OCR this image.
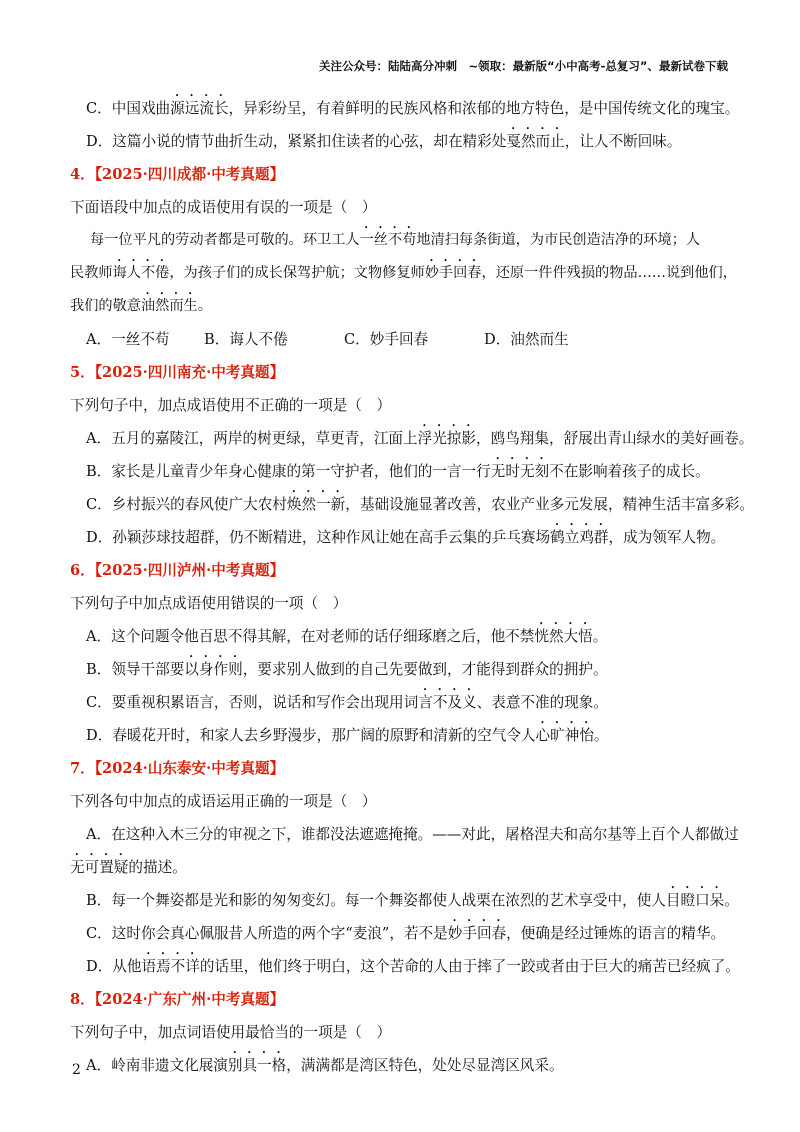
关注公众号：陆陆高分冲刺　~领取：最新版“小中高考-总复习”、最新试卷下载
C．中国戏曲源远流长，异彩纷呈，有着鲜明的民族风格和浓郁的地方特色，是中国传统文化的瑰宝。
D．这篇小说的情节曲折生动，紧紧扣住读者的心弦，却在精彩处戛然而止，让人不断回味。
4．【2025·四川成都·中考真题】
下面语段中加点的成语使用有误的一项是（　）
每一位平凡的劳动者都是可敬的。环卫工人一丝不苟地清扫每条街道，为市民创造洁净的环境；人
民教师诲人不倦，为孩子们的成长保驾护航；文物修复师妙手回春，还原一件件残损的物品……说到他们，
我们的敬意油然而生。
A．一丝不苟 B．诲人不倦	C．妙手回春	D．油然而生
5．【2025·四川南充·中考真题】
下列句子中，加点成语使用不正确的一项是（　）
A．五月的嘉陵江，两岸的树更绿，草更青，江面上浮光掠影，鸥鸟翔集，舒展出青山绿水的美好画卷。
B．家长是儿童青少年身心健康的第一守护者，他们的一言一行无时无刻不在影响着孩子的成长。
C．乡村振兴的春风使广大农村焕然一新，基础设施显著改善，农业产业多元发展，精神生活丰富多彩。
D．孙颖莎球技超群，仍不断精进，这种作风让她在高手云集的乒乓赛场鹤立鸡群，成为领军人物。
6．【2025·四川泸州·中考真题】
下列句子中加点成语使用错误的一项（　）
A．这个问题令他百思不得其解，在对老师的话仔细琢磨之后，他不禁恍然大悟。
B．领导干部要以身作则，要求别人做到的自己先要做到，才能得到群众的拥护。
C．要重视积累语言，否则，说话和写作会出现用词言不及义、表意不准的现象。
D．春暖花开时，和家人去乡野漫步，那广阔的原野和清新的空气令人心旷神怡。
7．【2024·山东泰安·中考真题】
下列各句中加点的成语运用正确的一项是（　）
A．在这种入木三分的审视之下，谁都没法遮遮掩掩。——对此，屠格涅夫和高尔基等上百个人都做过
无可置疑的描述。
B．每一个舞姿都是光和影的匆匆变幻。每一个舞姿都使人战栗在浓烈的艺术享受中，使人目瞪口呆。
C．这时你会真心佩服昔人所造的两个字“麦浪”，若不是妙手回春，便确是经过锤炼的语言的精华。
D．从他语焉不详的话里，他们终于明白，这个苦命的人由于摔了一跤或者由于巨大的痛苦已经疯了。
8．【2024·广东广州·中考真题】
下列句子中，加点词语使用最恰当的一项是（　）
A．岭南非遗文化展演别具一格，满满都是湾区特色，处处尽显湾区风采。
2
